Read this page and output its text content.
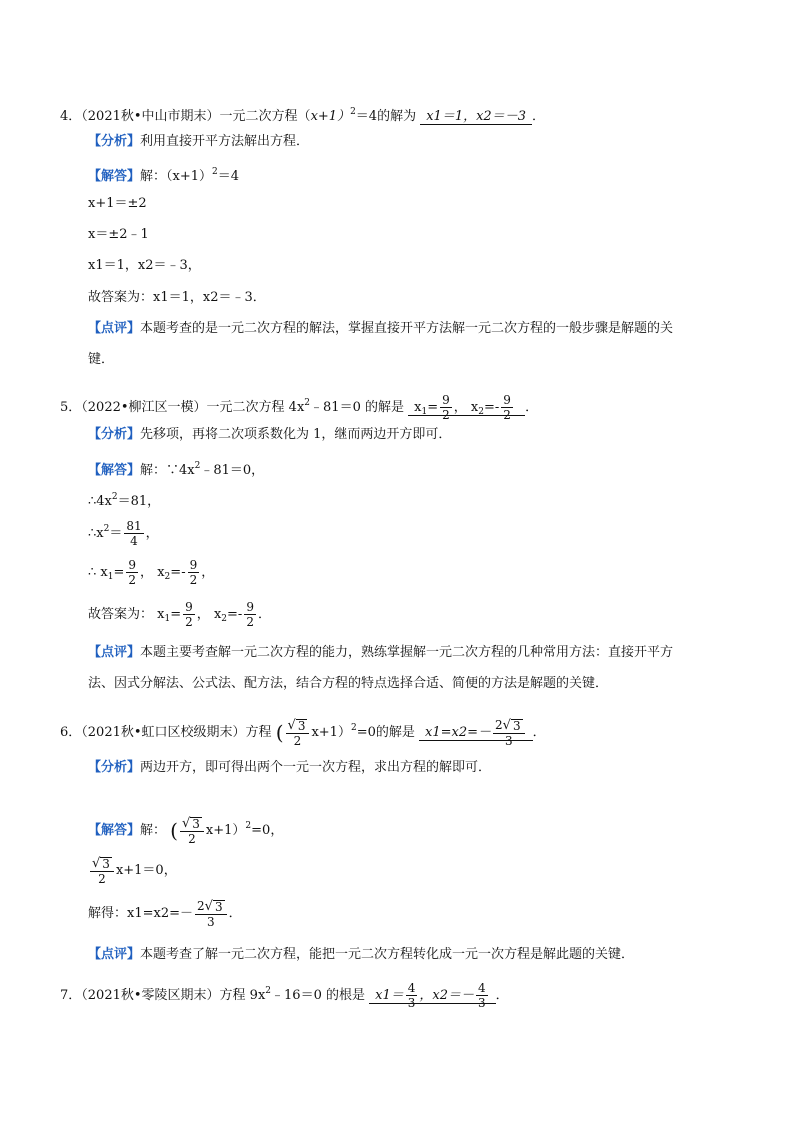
4．（2021秋•中山市期末）一元二次方程$(x+1)^2=4$的解为 x1＝1，x2＝－3 ．
【分析】利用直接开平方法解出方程．
【解答】解：$(x+1)^2=4$
x+1＝±2
x＝±2﹣1
x1＝1，x2＝﹣3，
故答案为：x1＝1，x2＝﹣3．
【点评】本题考查的是一元二次方程的解法，掌握直接开平方法解一元二次方程的一般步骤是解题的关
键．
5．（2022•柳江区一模）一元二次方程 $4x^2﹣81=0$ 的解是 $x_1= \frac{9}{2}$ ， $x_2=- \frac{9}{2}$ ．
【分析】先移项，再将二次项系数化为 1，继而两边开方即可．
【解答】解：$\because 4x^2﹣81=0$，
$\therefore 4x^2=81$，
$\therefore x^2= \frac{81}{4}$ ，
∴ $x_1= \frac{9}{2}$ ， $x_2=- \frac{9}{2}$ ，
故答案为： $x_1= \frac{9}{2}$ ， $x_2=- \frac{9}{2}$ ．
【点评】本题主要考查解一元二次方程的能力，熟练掌握解一元二次方程的几种常用方法：直接开平方
法、因式分解法、公式法、配方法，结合方程的特点选择合适、简便的方法是解题的关键．
6．（2021秋•虹口区校级期末）方程 ( $\frac{√ 3}{2} x+1)^2=0$的解是 $x1=x2=- \frac{2 √ 3}{3}$ ．
【分析】两边开方，即可得出两个一元一次方程，求出方程的解即可．
【解答】解： ( $\frac{√ 3}{2} x+1)^2=0$，
$\frac{√ 3}{2} x+1=0$，
解得：$x1=x2=- \frac{2 √ 3}{3}$ ．
【点评】本题考查了解一元二次方程，能把一元二次方程转化成一元一次方程是解此题的关键．
7．（2021秋•零陵区期末）方程 $9x^2﹣16=0$ 的根是 $x1= \frac{4}{3}$ ，$x2=- \frac{4}{3}$ ．
